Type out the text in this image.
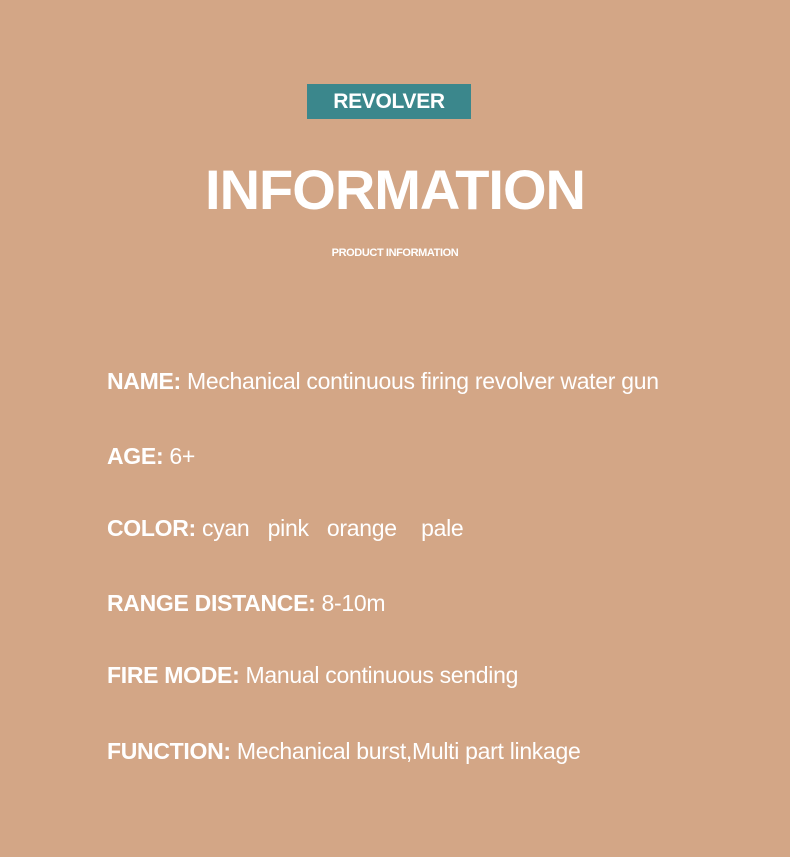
REVOLVER
INFORMATION
PRODUCT INFORMATION
NAME: Mechanical continuous firing revolver water gun
AGE: 6+
COLOR: cyan   pink   orange    pale
RANGE DISTANCE: 8-10m
FIRE MODE: Manual continuous sending
FUNCTION: Mechanical burst,Multi part linkage
